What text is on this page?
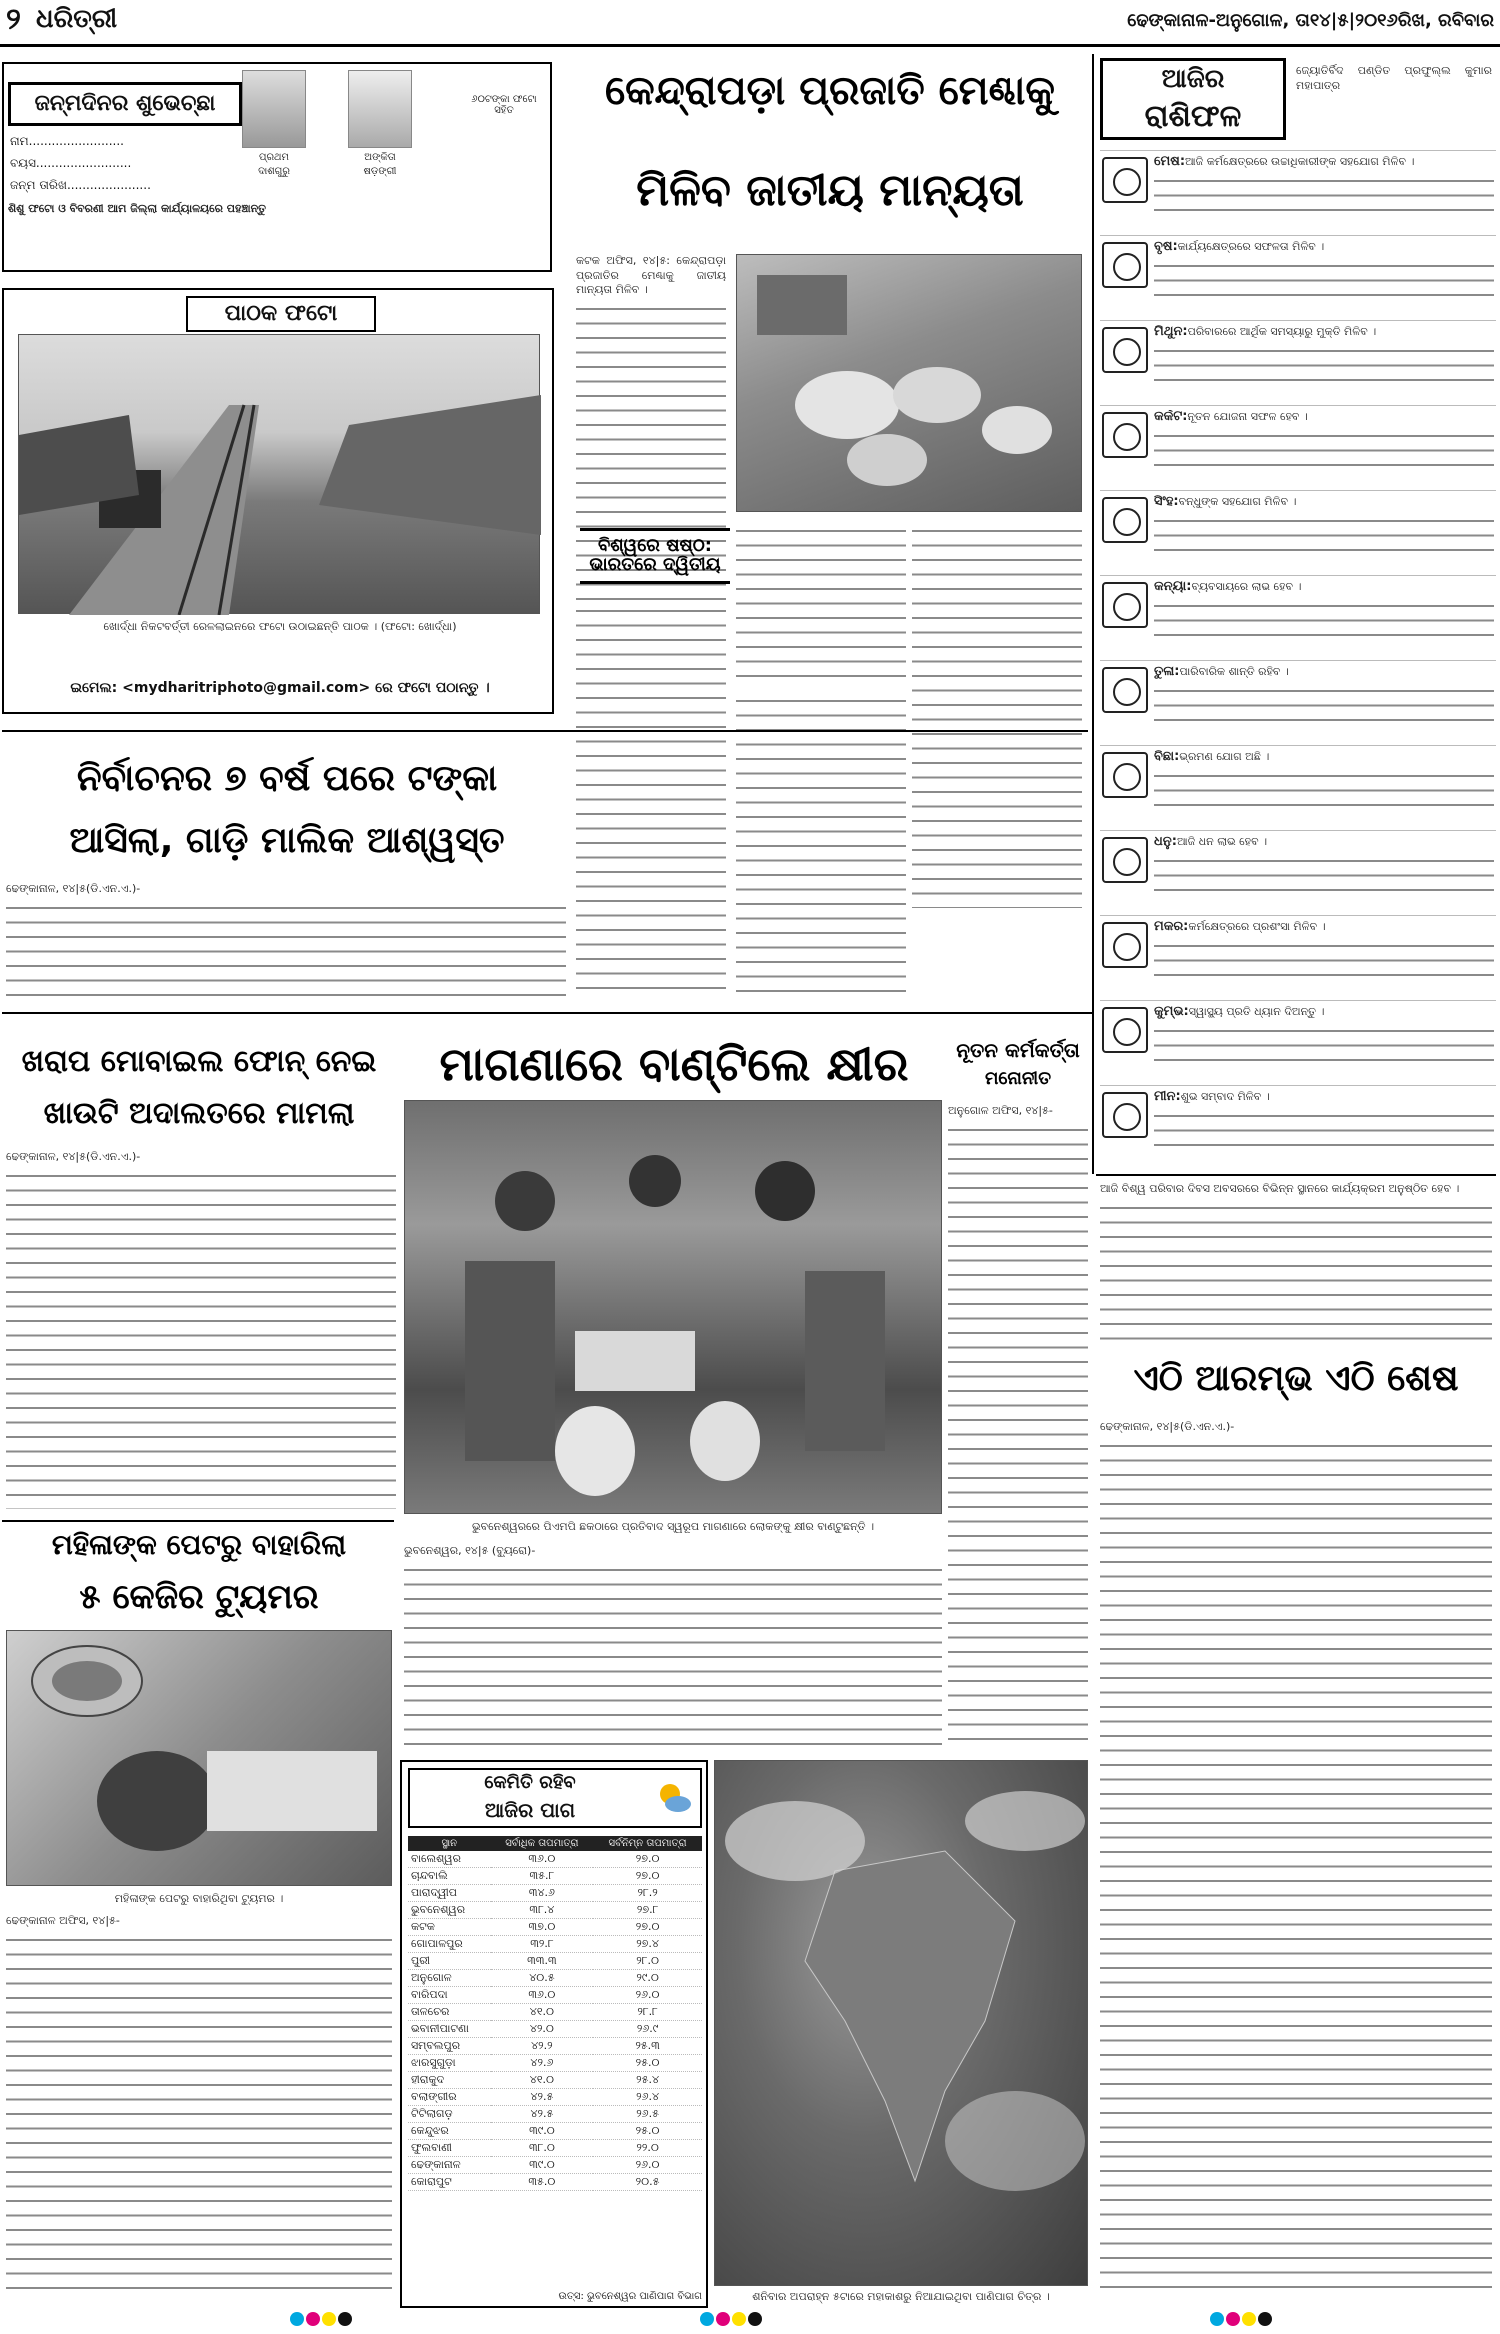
୨ ଧରିତ୍ରୀ	ଢେଙ୍କାନାଳ-ଅନୁଗୋଳ, ତା୧୪|୫|୨୦୧୬ରିଖ, ରବିବାର
ଜନ୍ମଦିନର ଶୁଭେଚ୍ଛା
ନାମ.........................
ବୟସ.........................
ଜନ୍ମ ତାରିଖ......................
ପ୍ରଥମ
ଦାଶଗୁରୁ
ଅଙ୍କିତା
ଷଡ଼ଙ୍ଗୀ
୬୦ଟଙ୍କା ଫଟୋ ସହିତ
ଶିଶୁ ଫଟୋ ଓ ବିବରଣୀ ଆମ ଜିଲ୍ଲା କାର୍ଯ୍ୟାଳୟରେ ପହଞ୍ଚାନ୍ତୁ
ପାଠକ ଫଟୋ
ଖୋର୍ଦ୍ଧା ନିକଟବର୍ତ୍ତୀ ରେଳଲାଇନରେ ଫଟୋ ଉଠାଇଛନ୍ତି ପାଠକ । (ଫଟୋ: ଖୋର୍ଦ୍ଧା)
ଇମେଲ: <mydharitriphoto@gmail.com> ରେ ଫଟୋ ପଠାନ୍ତୁ ।
କେନ୍ଦ୍ରାପଡ଼ା ପ୍ରଜାତି ମେଣ୍ଢାକୁ
ମିଳିବ ଜାତୀୟ ମାନ୍ୟତା
କଟକ ଅଫିସ, ୧୪|୫: କେନ୍ଦ୍ରାପଡ଼ା ପ୍ରଜାତିର ମେଣ୍ଢାକୁ ଜାତୀୟ ମାନ୍ୟତା ମିଳିବ ।
ବିଶ୍ୱରେ ଷଷ୍ଠ: ଭାରତରେ ଦ୍ୱିତୀୟ
ଆଜିର
ରାଶିଫଳ
ଜ୍ୟୋତିର୍ବିଦ ପଣ୍ଡିତ ପ୍ରଫୁଲ୍ଲ କୁମାର ମହାପାତ୍ର
ମେଷ:ଆଜି କର୍ମକ୍ଷେତ୍ରରେ ଉଚ୍ଚାଧିକାରୀଙ୍କ ସହଯୋଗ ମିଳିବ ।
ବୃଷ:କାର୍ଯ୍ୟକ୍ଷେତ୍ରରେ ସଫଳତା ମିଳିବ ।
ମିଥୁନ:ପରିବାରରେ ଆର୍ଥିକ ସମସ୍ୟାରୁ ମୁକ୍ତି ମିଳିବ ।
କର୍କଟ:ନୂତନ ଯୋଜନା ସଫଳ ହେବ ।
ସିଂହ:ବନ୍ଧୁଙ୍କ ସହଯୋଗ ମିଳିବ ।
କନ୍ୟା:ବ୍ୟବସାୟରେ ଲାଭ ହେବ ।
ତୁଳା:ପାରିବାରିକ ଶାନ୍ତି ରହିବ ।
ବିଛା:ଭ୍ରମଣ ଯୋଗ ଅଛି ।
ଧନୁ:ଆଜି ଧନ ଲାଭ ହେବ ।
ମକର:କର୍ମକ୍ଷେତ୍ରରେ ପ୍ରଶଂସା ମିଳିବ ।
କୁମ୍ଭ:ସ୍ୱାସ୍ଥ୍ୟ ପ୍ରତି ଧ୍ୟାନ ଦିଅନ୍ତୁ ।
ମୀନ:ଶୁଭ ସମ୍ବାଦ ମିଳିବ ।
ନିର୍ବାଚନର ୭ ବର୍ଷ ପରେ ଟଙ୍କା
ଆସିଲା, ଗାଡ଼ି ମାଲିକ ଆଶ୍ୱସ୍ତ
ଢେଙ୍କାନାଳ, ୧୪|୫(ଡି.ଏନ.ଏ.)-
ଖରାପ ମୋବାଇଲ ଫୋନ୍ ନେଇ
ଖାଉଟି ଅଦାଲତରେ ମାମଲା
ଢେଙ୍କାନାଳ, ୧୪|୫(ଡି.ଏନ.ଏ.)-
ମାଗଣାରେ ବାଣ୍ଟିଲେ କ୍ଷୀର
ଭୁବନେଶ୍ୱରରେ ପିଏମପି ଛକଠାରେ ପ୍ରତିବାଦ ସ୍ୱରୂପ ମାଗଣାରେ ଲୋକଙ୍କୁ କ୍ଷୀର ବାଣ୍ଟୁଛନ୍ତି ।
ଭୁବନେଶ୍ୱର, ୧୪|୫ (ବ୍ୟୁରୋ)-
ନୂତନ କର୍ମକର୍ତ୍ତା
ମନୋନୀତ
ଅନୁଗୋଳ ଅଫିସ, ୧୪|୫-
ମହିଳାଙ୍କ ପେଟରୁ ବାହାରିଲା
୫ କେଜିର ଟ୍ୟୁମର
ମହିଳାଙ୍କ ପେଟରୁ ବାହାରିଥିବା ଟ୍ୟୁମର ।
ଢେଙ୍କାନାଳ ଅଫିସ, ୧୪|୫-
କେମିତି ରହିବ
ଆଜିର ପାଗ
ସ୍ଥାନ	ସର୍ବାଧିକ ତାପମାତ୍ରା	ସର୍ବନିମ୍ନ ତାପମାତ୍ରା
ବାଲେଶ୍ୱର	୩୬.୦	୨୭.୦
ଚାନ୍ଦବାଲି	୩୫.୮	୨୭.୦
ପାରାଦ୍ୱୀପ	୩୪.୬	୨୮.୨
ଭୁବନେଶ୍ୱର	୩୮.୪	୨୭.୮
କଟକ	୩୭.୦	୨୭.୦
ଗୋପାଳପୁର	୩୨.୮	୨୭.୪
ପୁରୀ	୩୩.୩	୨୮.୦
ଅନୁଗୋଳ	୪୦.୫	୨୯.୦
ବାରିପଦା	୩୬.୦	୨୬.୦
ତାଳଚେର	୪୧.୦	୨୮.୮
ଭବାନୀପାଟଣା	୪୨.୦	୨୬.୯
ସମ୍ବଲପୁର	୪୨.୨	୨୫.୩
ଝାରସୁଗୁଡ଼ା	୪୨.୬	୨୫.୦
ହୀରାକୁଦ	୪୧.୦	୨୫.୪
ବଲାଙ୍ଗୀର	୪୨.୫	୨୬.୪
ଟିଟିଲାଗଡ଼	୪୨.୫	୨୬.୫
କେନ୍ଦୁଝର	୩୯.୦	୨୫.୦
ଫୁଲବାଣୀ	୩୮.୦	୨୨.୦
ଢେଙ୍କାନାଳ	୩୯.୦	୨୬.୦
କୋରାପୁଟ	୩୫.୦	୨୦.୫
ଉତ୍ସ: ଭୁବନେଶ୍ୱର ପାଣିପାଗ ବିଭାଗ	ଶନିବାର ଅପରାହ୍ନ ୫ଟାରେ ମହାକାଶରୁ ନିଆଯାଇଥିବା ପାଣିପାଗ ଚିତ୍ର ।
ଆଜି ବିଶ୍ୱ ପରିବାର ଦିବସ ଅବସରରେ ବିଭିନ୍ନ ସ୍ଥାନରେ କାର୍ଯ୍ୟକ୍ରମ ଅନୁଷ୍ଠିତ ହେବ ।
ଏଠି ଆରମ୍ଭ ଏଠି ଶେଷ
ଢେଙ୍କାନାଳ, ୧୪|୫(ଡି.ଏନ.ଏ.)-
